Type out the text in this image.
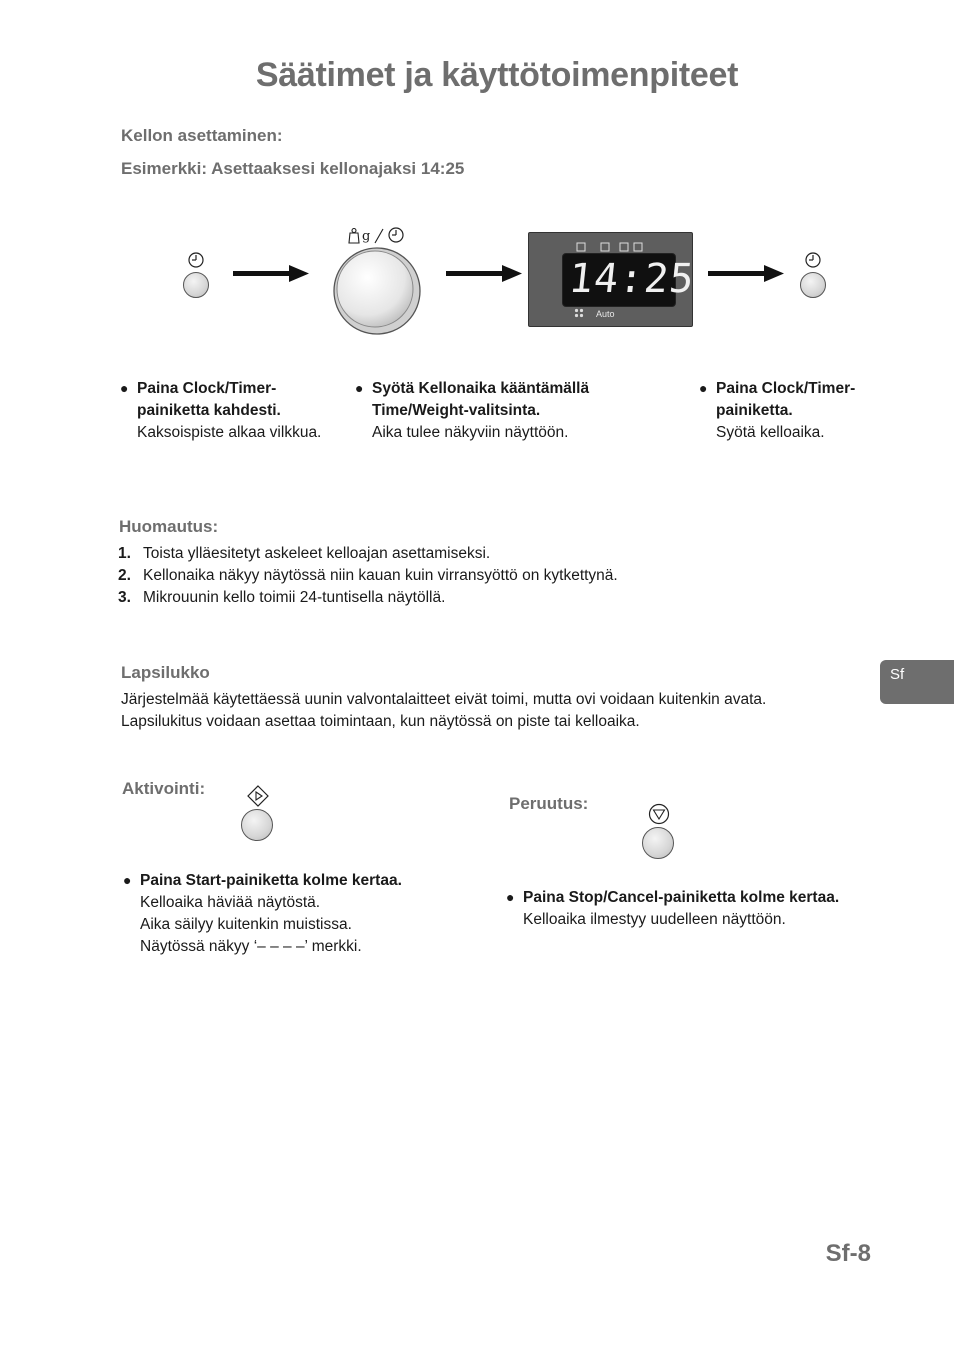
Säätimet ja käyttötoimenpiteet
Kellon asettaminen:
Esimerkki: Asettaaksesi kellonajaksi 14:25
g
14:25
Auto
● Paina Clock/Timer-painiketta kahdesti.
Kaksoispiste alkaa vilkkua.
● Syötä Kellonaika kääntämällä Time/Weight-valitsinta.
Aika tulee näkyviin näyttöön.
● Paina Clock/Timer-painiketta.
Syötä kelloaika.
Huomautus:
1. Toista ylläesitetyt askeleet kelloajan asettamiseksi.
2. Kellonaika näkyy näytössä niin kauan kuin virransyöttö on kytkettynä.
3. Mikrouunin kello toimii 24-tuntisella näytöllä.
Sf
Lapsilukko
Järjestelmää käytettäessä uunin valvontalaitteet eivät toimi, mutta ovi voidaan kuitenkin avata.
Lapsilukitus voidaan asettaa toimintaan, kun näytössä on piste tai kelloaika.
Aktivointi:
● Paina Start-painiketta kolme kertaa.
Kelloaika häviää näytöstä.
Aika säilyy kuitenkin muistissa.
Näytössä näkyy ‘– – – –’ merkki.
Peruutus:
● Paina Stop/Cancel-painiketta kolme kertaa.
Kelloaika ilmestyy uudelleen näyttöön.
Sf-8
